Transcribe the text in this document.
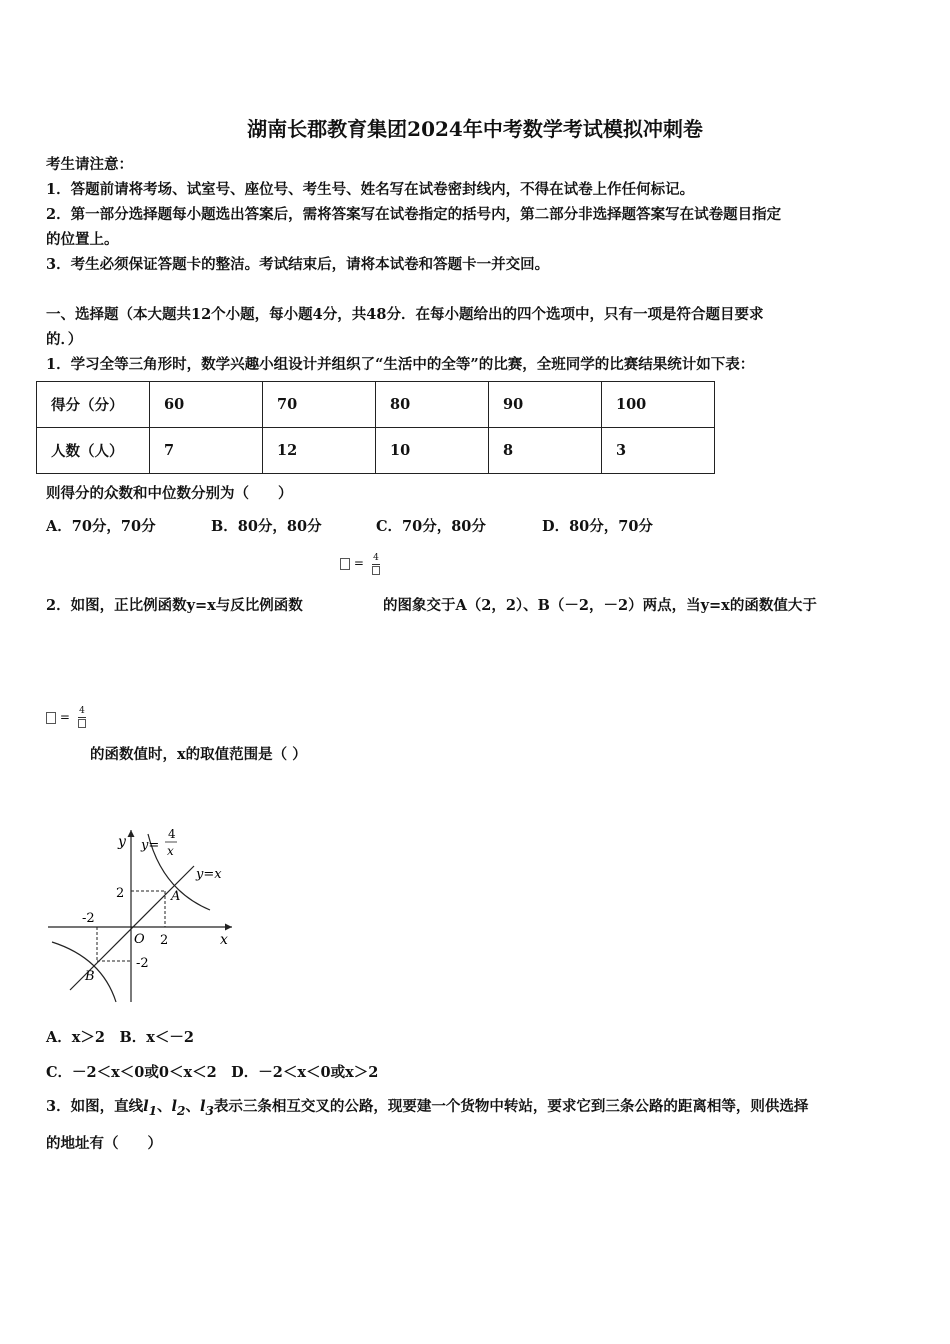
湖南长郡教育集团2024年中考数学考试模拟冲刺卷
考生请注意：
1．答题前请将考场、试室号、座位号、考生号、姓名写在试卷密封线内，不得在试卷上作任何标记。
2．第一部分选择题每小题选出答案后，需将答案写在试卷指定的括号内，第二部分非选择题答案写在试卷题目指定
的位置上。
3．考生必须保证答题卡的整洁。考试结束后，请将本试卷和答题卡一并交回。
一、选择题（本大题共12个小题，每小题4分，共48分．在每小题给出的四个选项中，只有一项是符合题目要求
的．）
1．学习全等三角形时，数学兴趣小组设计并组织了“生活中的全等”的比赛，全班同学的比赛结果统计如下表：
得分（分）	60	70	80	90	100
人数（人）	7	12	10	8	3
则得分的众数和中位数分别为（　　）
A．70分，70分	B．80分，80分	C．70分，80分	D．80分，70分
= 4
2．如图，正比例函数y=x与反比例函数	的图象交于A（2，2）、B（－2，－2）两点，当y=x的函数值大于
= 4
的函数值时，x的取值范围是（ ）
y
x
y=
4
x
y=x
O 2
-2
2
-2
A
B
A．x＞2　B．x＜－2
C．－2＜x＜0或0＜x＜2　D．－2＜x＜0或x＞2
3．如图，直线$l_1$、$l_2$、$l_3$表示三条相互交叉的公路，现要建一个货物中转站，要求它到三条公路的距离相等，则供选择
的地址有（　　）
